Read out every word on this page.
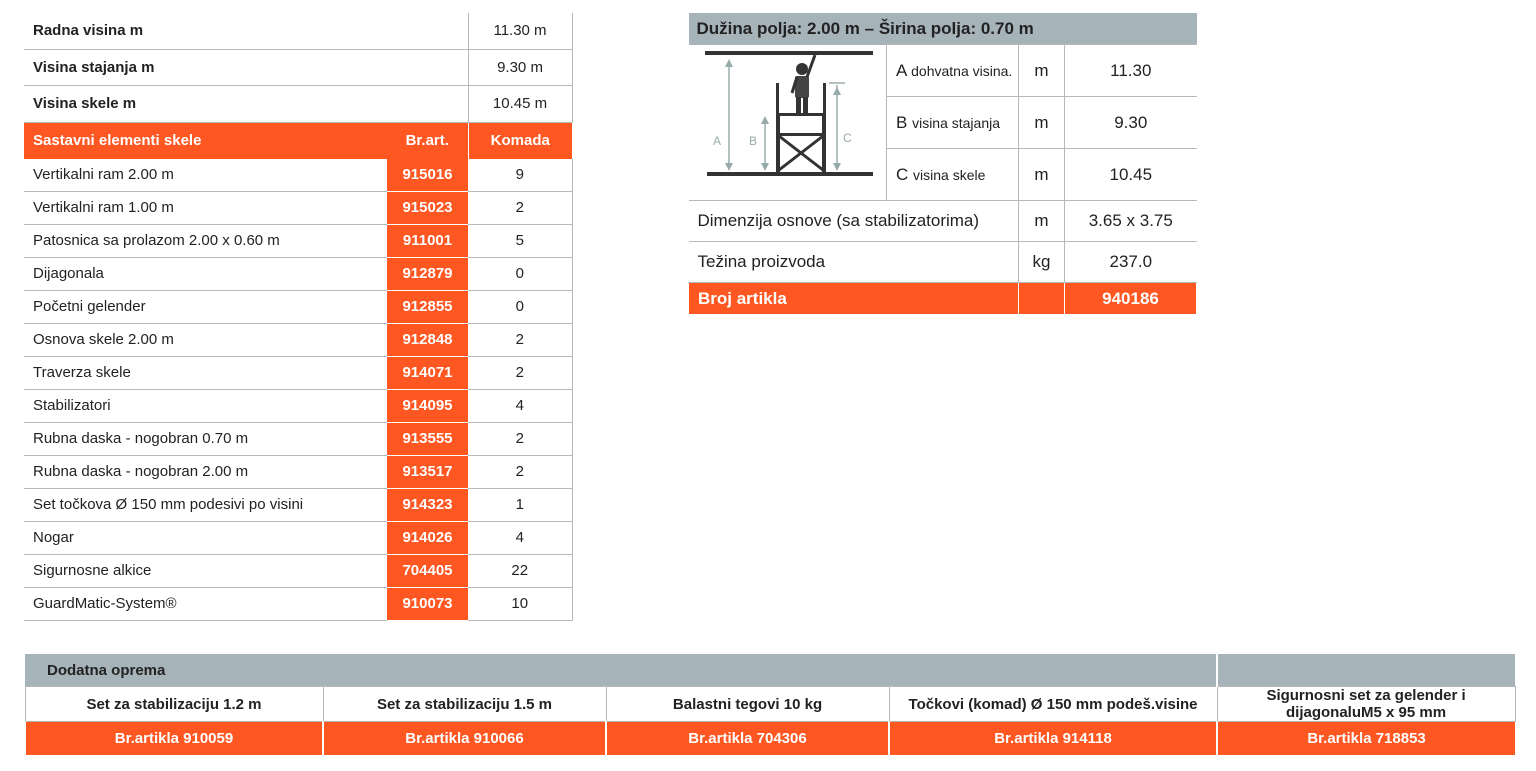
Radna visina m		11.30 m
Visina stajanja m		9.30 m
Visina skele m		10.45 m
Sastavni elementi skele	Br.art.	Komada
Vertikalni ram 2.00 m	915016	9
Vertikalni ram 1.00 m	915023	2
Patosnica sa prolazom 2.00 x 0.60 m	911001	5
Dijagonala	912879	0
Početni gelender	912855	0
Osnova skele 2.00 m	912848	2
Traverza skele	914071	2
Stabilizatori	914095	4
Rubna daska - nogobran 0.70 m	913555	2
Rubna daska - nogobran 2.00 m	913517	2
Set točkova Ø 150 mm podesivi po visini	914323	1
Nogar	914026	4
Sigurnosne alkice	704405	22
GuardMatic-System®	910073	10
Dužina polja: 2.00 m – Širina polja: 0.70 m			

A B C	A dohvatna visina.	m	11.30
	B visina stajanja	m	9.30
	C visina skele	m	10.45
Dimenzija osnove (sa stabilizatorima)		m	3.65 x 3.75
Težina proizvoda		kg	237.0
Broj artikla			940186
Dodatna oprema				
Set za stabilizaciju 1.2 m	Set za stabilizaciju 1.5 m	Balastni tegovi 10 kg	Točkovi (komad) Ø 150 mm podeš.visine	Sigurnosni set za gelender i dijagonaluM5 x 95 mm
Br.artikla 910059	Br.artikla 910066	Br.artikla 704306	Br.artikla 914118	Br.artikla 718853
